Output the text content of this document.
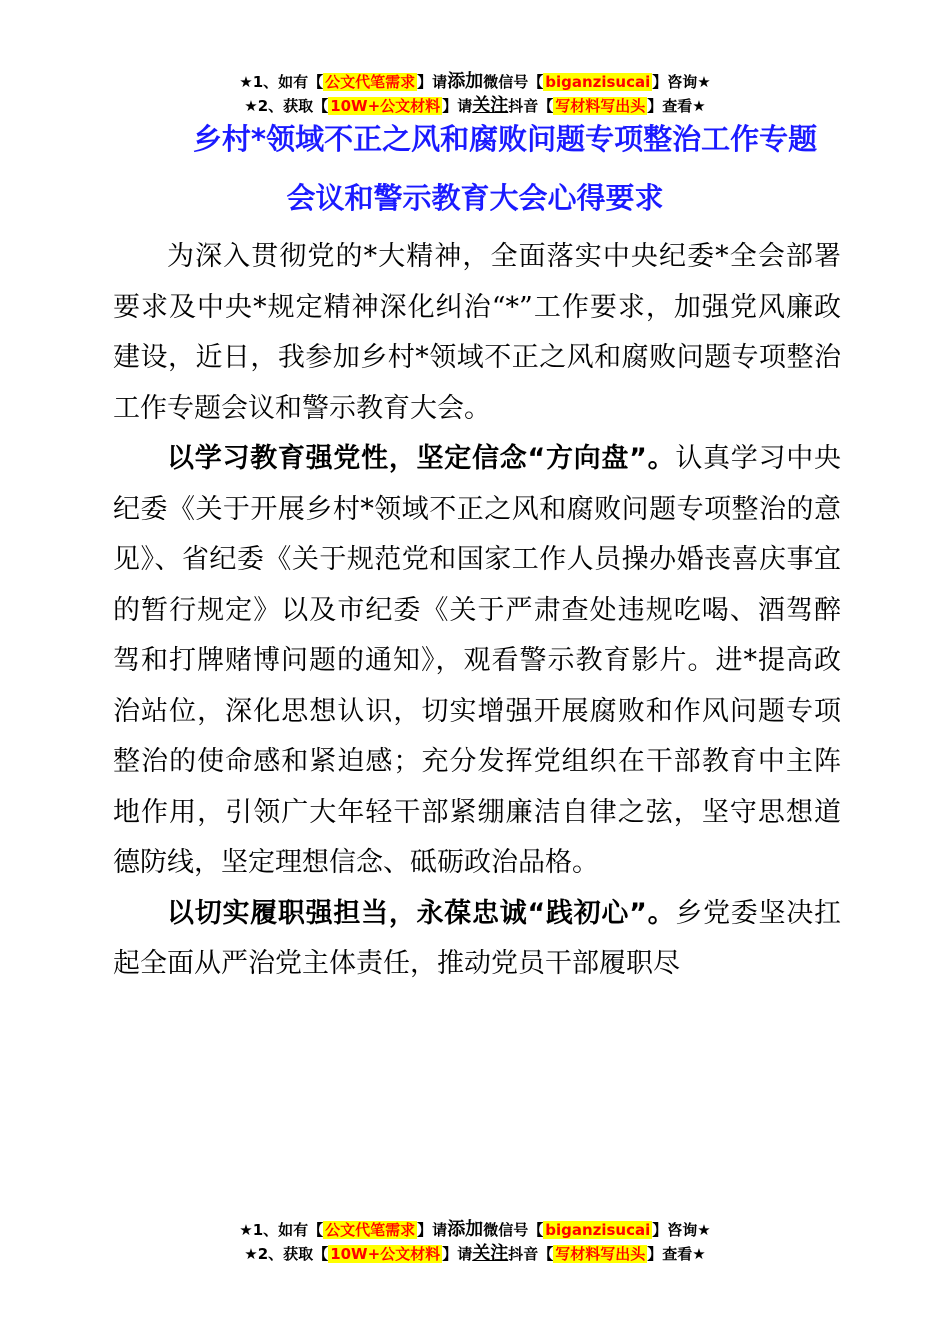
★1、如有【 公文代笔需求 】请添加微信号【 biganzisucai 】咨询★
★2、获取【 10W+公文材料 】请关注抖音【 写材料写出头 】查看★
乡村*领域不正之风和腐败问题专项整治工作专题
会议和警示教育大会心得要求

为深入贯彻党的*大精神，全面落实中央纪委*全会部署要求及中央*规定精神深化纠治“*”工作要求，加强党风廉政建设，近日，我参加乡村*领域不正之风和腐败问题专项整治工作专题会议和警示教育大会。

以学习教育强党性，坚定信念“方向盘”。认真学习中央纪委《关于开展乡村*领域不正之风和腐败问题专项整治的意见》、省纪委《关于规范党和国家工作人员操办婚丧喜庆事宜的暂行规定》以及市纪委《关于严肃查处违规吃喝、酒驾醉驾和打牌赌博问题的通知》，观看警示教育影片。进*提高政治站位，深化思想认识，切实增强开展腐败和作风问题专项整治的使命感和紧迫感；充分发挥党组织在干部教育中主阵地作用，引领广大年轻干部紧绷廉洁自律之弦，坚守思想道德防线，坚定理想信念、砥砺政治品格。

以切实履职强担当，永葆忠诚“践初心”。乡党委坚决扛起全面从严治党主体责任，推动党员干部履职尽

★1、如有【 公文代笔需求 】请添加微信号【 biganzisucai 】咨询★
★2、获取【 10W+公文材料 】请关注抖音【 写材料写出头 】查看★
